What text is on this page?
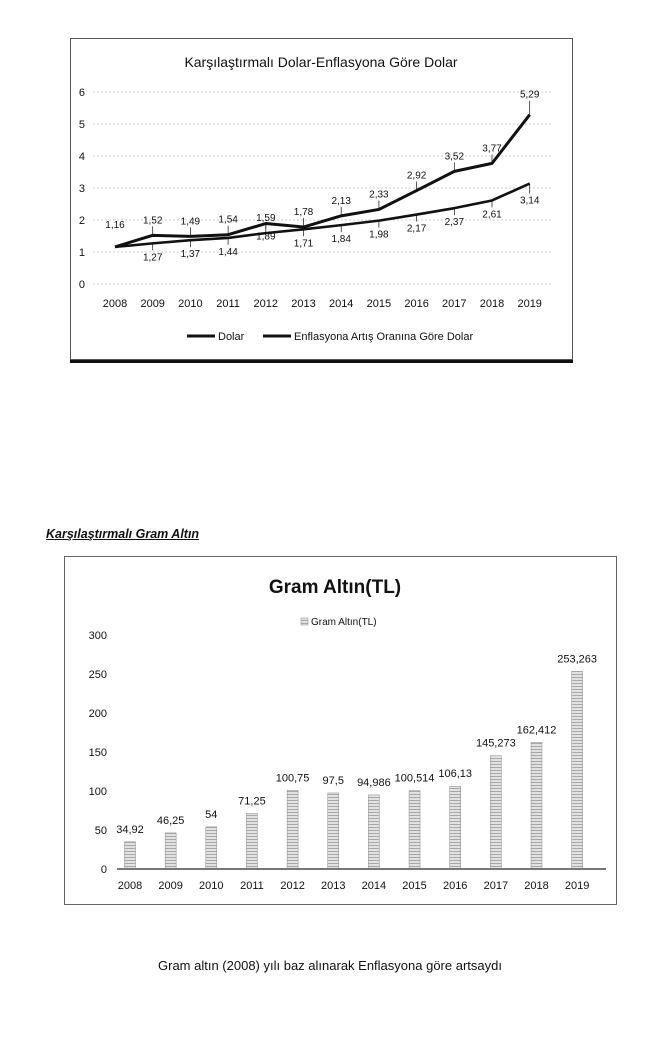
Karşılaştırmalı Dolar-Enflasyona Göre Dolar
0
1
2
3
4
5
6
2008 2009 2010 2011 2012 2013 2014 2015 2016 2017 2018 2019
1,16 1,52 1,49 1,54
1,89
1,78
2,13
2,33
2,92
3,52
3,77
5,29
1,27 1,37 1,44
1,59
1,71 1,84 1,98
2,17
2,37
2,61
3,14
Dolar	Enflasyona Artış Oranına Göre Dolar
Karşılaştırmalı Gram Altın
Gram Altın(TL)
Gram Altın(TL)
0
50
100
150
200
250
300
34,92
46,25
54
71,25
100,75 97,5 94,986 100,514 106,13
145,273
162,412
253,263
2008 2009 2010 2011 2012 2013 2014 2015 2016 2017 2018 2019
Gram altın (2008) yılı baz alınarak Enflasyona göre artsaydı
